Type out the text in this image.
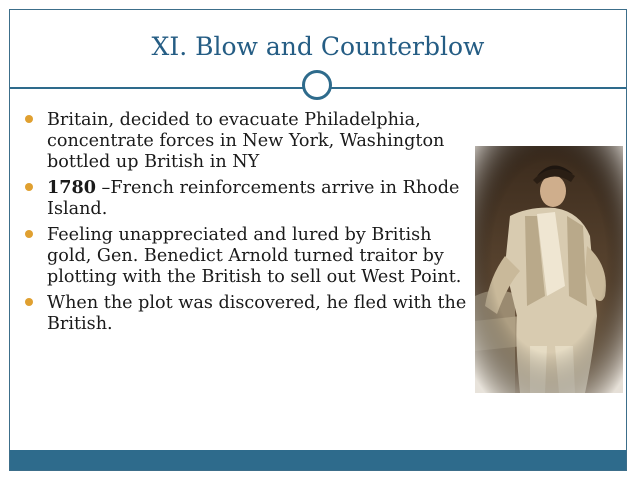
XI. Blow and Counterblow
Britain, decided to evacuate Philadelphia, concentrate forces in New York, Washington bottled up British in NY
1780 –French reinforcements arrive in Rhode Island.
Feeling unappreciated and lured by British gold, Gen. Benedict Arnold turned traitor by plotting with the British to sell out West Point.
When the plot was discovered, he fled with the British.
